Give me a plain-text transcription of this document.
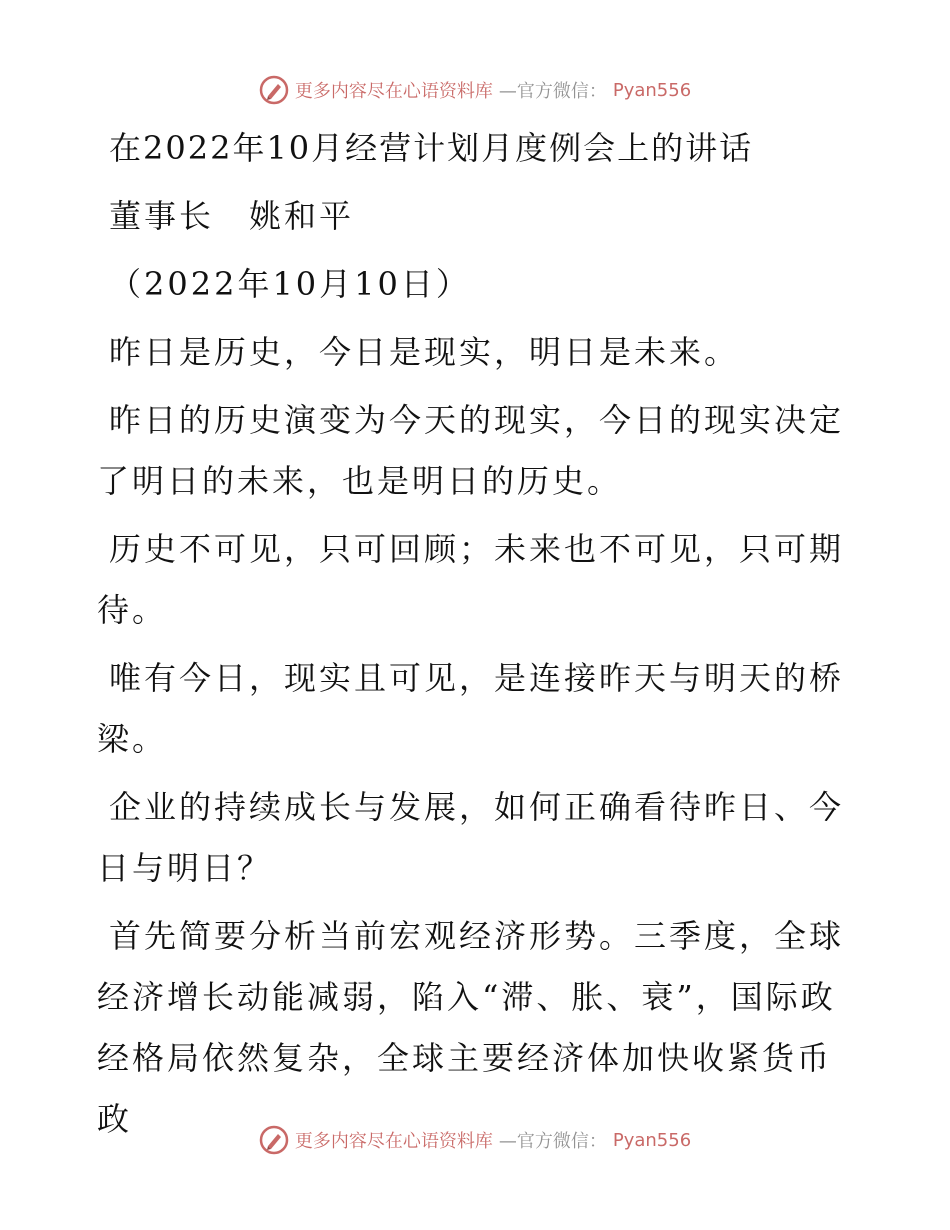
更多内容尽在心语资料库 —官方微信： Pyan556

在2022年10月经营计划月度例会上的讲话

董事长　姚和平

（2022年10月10日）

昨日是历史，今日是现实，明日是未来。

昨日的历史演变为今天的现实，今日的现实决定了明日的未来，也是明日的历史。

历史不可见，只可回顾；未来也不可见，只可期待。

唯有今日，现实且可见，是连接昨天与明天的桥梁。

企业的持续成长与发展，如何正确看待昨日、今日与明日？

首先简要分析当前宏观经济形势。三季度，全球经济增长动能减弱，陷入“滞、胀、衰”，国际政经格局依然复杂，全球主要经济体加快收紧货币政

更多内容尽在心语资料库 —官方微信： Pyan556
